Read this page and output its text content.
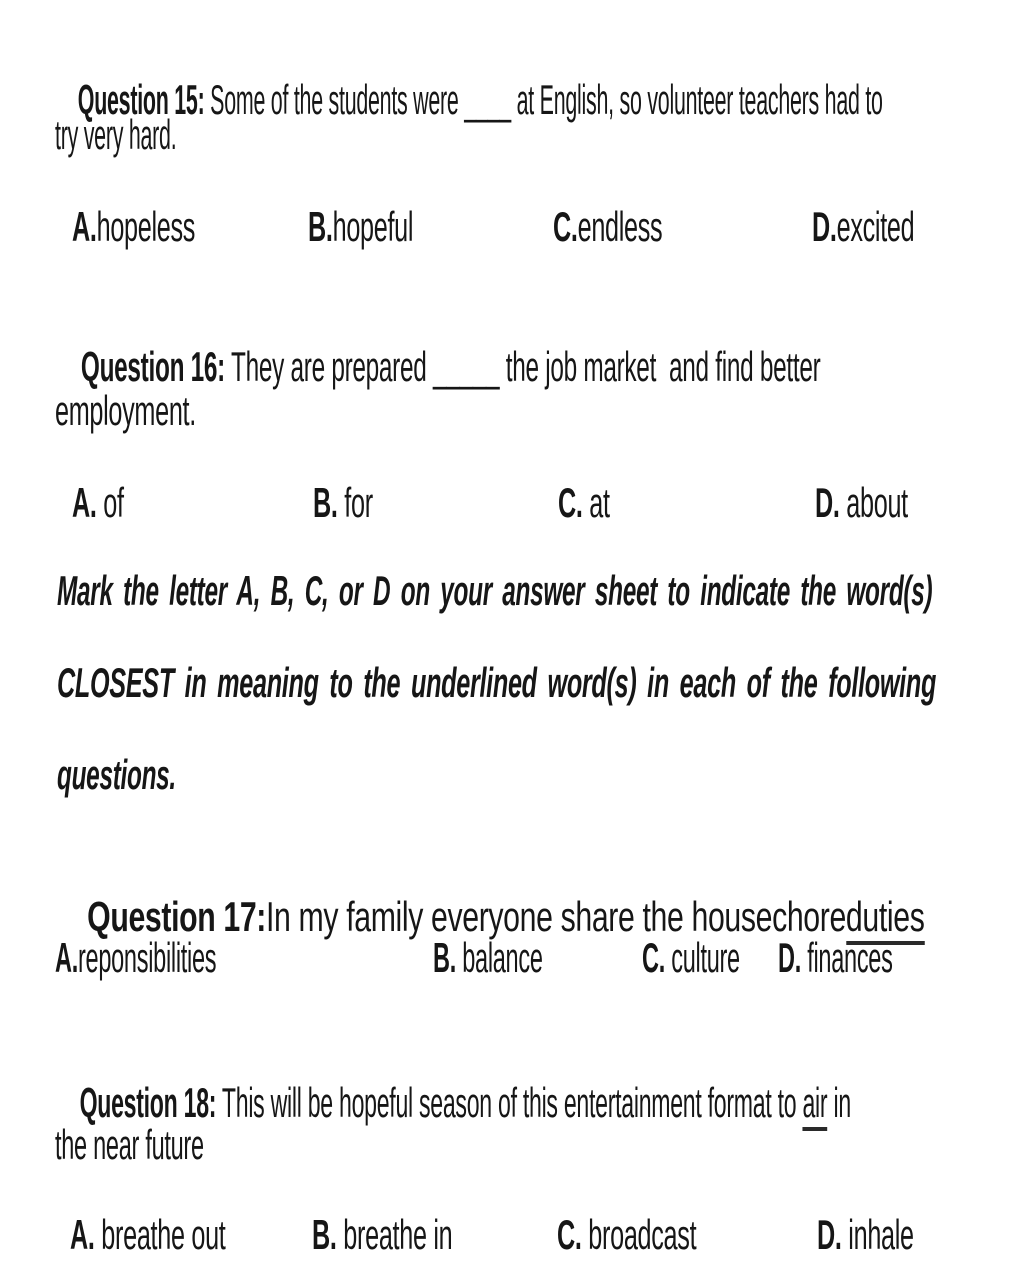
Question 15: Some of the students were ____ at English, so volunteer teachers had to

try very hard.
A.hopeless	B.hopeful	C.endless	D.excited

Question 16: They are prepared _____ the job market  and find better

employment.
A. of	B. for	C. at	D. about
Mark the letter A, B, C, or D on your answer sheet to indicate the word(s)
CLOSEST in meaning to the underlined word(s) in each of the following
questions.

Question 17:In my family everyone share the housechoreduties

A.reponsibilities	B. balance C. culture D. finances

Question 18: This will be hopeful season of this entertainment format to air in

the near future
A. breathe out B. breathe in C. broadcast	D. inhale
